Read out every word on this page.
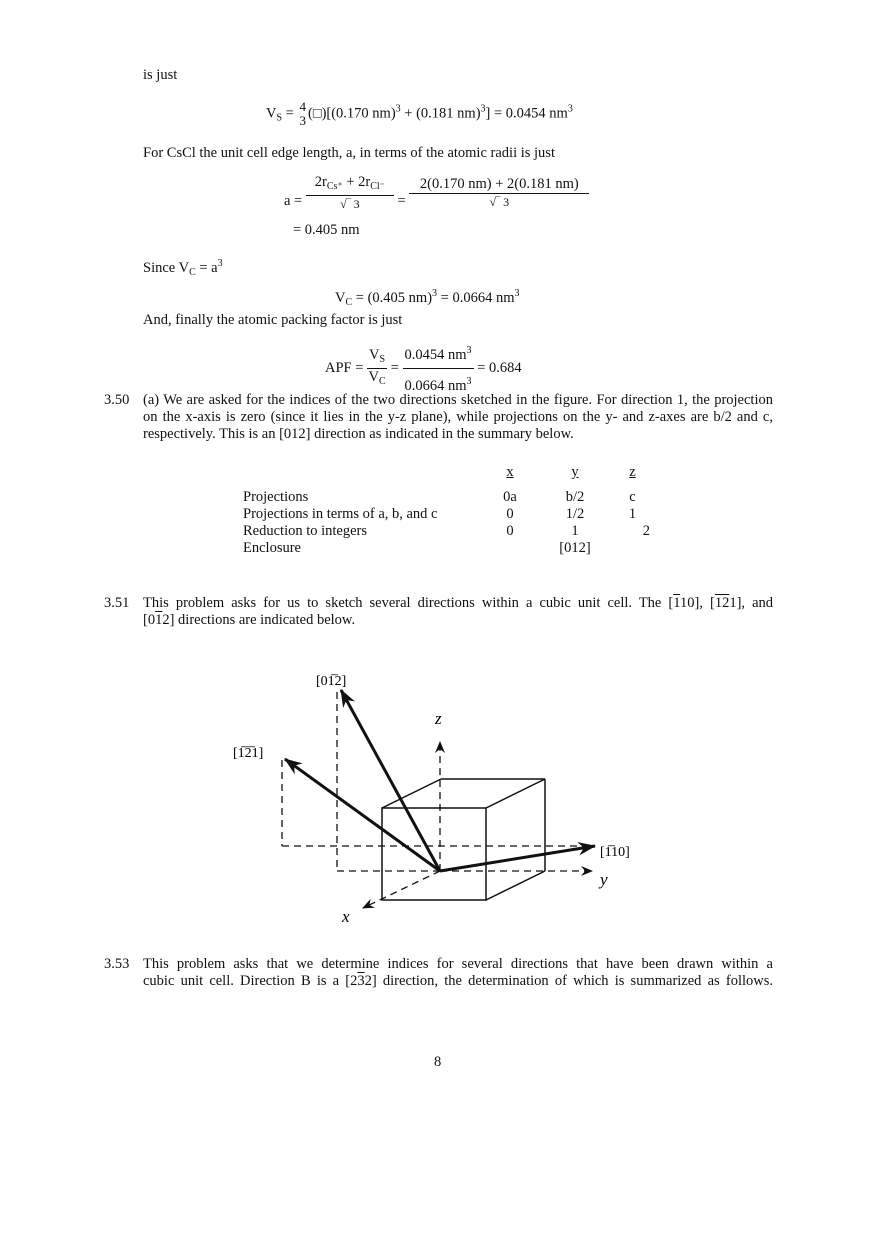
is just
$V_S = 4$
3 (□)[(0.170 nm)$^3$ + (0.181 nm)$^3$] = 0.0454 $nm^3$
For CsCl the unit cell edge length, a, in terms of the atomic radii is just
$a = \frac{2r_{Cs^+} + 2r_{Cl^-}}{√‾ 3} = \frac{2(0.170 nm) + 2(0.181 nm)}{√‾ 3}$
= 0.405 nm
Since $V_C = a^3$
$V_C = (0.405$ nm)$^3$ = 0.0664 $nm^3$
And, finally the atomic packing factor is just
APF = $\frac{V_S}{V_C} = \frac{0.0454 nm^3}{0.0664 nm^3} = 0.684$
3.50 (a) We are asked for the indices of the two directions sketched in the figure. For direction 1, the projection on the x-axis is zero (since it lies in the y-z plane), while projections on the y- and z-axes are b/2 and c, respectively. This is an [012] direction as indicated in the summary below.
	x	y	z

Projections	0a	b/2	c
Projections in terms of a, b, and c	0	1/2	1
Reduction to integers	0	1	2
Enclosure		[012]	
3.51 This problem asks for us to sketch several directions within a cubic unit cell. The [110], [121], and
[012] directions are indicated below.
[01̅2]
[1̅2̅1]
[1̅10]
z
y
x
3.53 This problem asks that we determine indices for several directions that have been drawn within a
cubic unit cell. Direction B is a [232] direction, the determination of which is summarized as follows.
8
